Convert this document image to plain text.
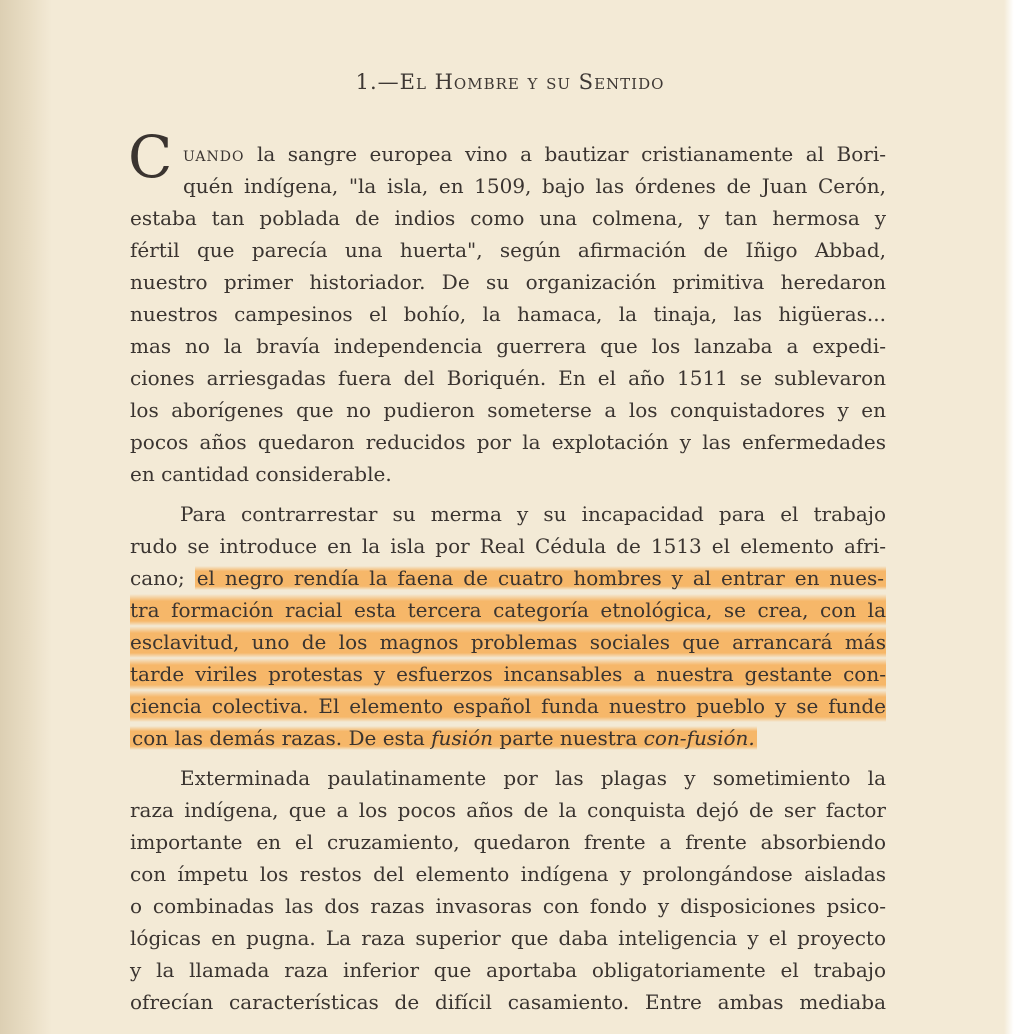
1.—El Hombre y su Sentido
C uando la sangre europea vino a bautizar cristianamente al Bori-
quén indígena, "la isla, en 1509, bajo las órdenes de Juan Cerón,
estaba tan poblada de indios como una colmena, y tan hermosa y
fértil que parecía una huerta", según afirmación de Iñigo Abbad,
nuestro primer historiador. De su organización primitiva heredaron
nuestros campesinos el bohío, la hamaca, la tinaja, las higüeras...
mas no la bravía independencia guerrera que los lanzaba a expedi-
ciones arriesgadas fuera del Boriquén. En el año 1511 se sublevaron
los aborígenes que no pudieron someterse a los conquistadores y en
pocos años quedaron reducidos por la explotación y las enfermedades
en cantidad considerable.
Para contrarrestar su merma y su incapacidad para el trabajo
rudo se introduce en la isla por Real Cédula de 1513 el elemento afri-
cano; el negro rendía la faena de cuatro hombres y al entrar en nues-
tra formación racial esta tercera categoría etnológica, se crea, con la
esclavitud, uno de los magnos problemas sociales que arrancará más
tarde viriles protestas y esfuerzos incansables a nuestra gestante con-
ciencia colectiva. El elemento español funda nuestro pueblo y se funde
con las demás razas. De esta fusión parte nuestra con-fusión.
Exterminada paulatinamente por las plagas y sometimiento la
raza indígena, que a los pocos años de la conquista dejó de ser factor
importante en el cruzamiento, quedaron frente a frente absorbiendo
con ímpetu los restos del elemento indígena y prolongándose aisladas
o combinadas las dos razas invasoras con fondo y disposiciones psico-
lógicas en pugna. La raza superior que daba inteligencia y el proyecto
y la llamada raza inferior que aportaba obligatoriamente el trabajo
ofrecían características de difícil casamiento. Entre ambas mediaba
